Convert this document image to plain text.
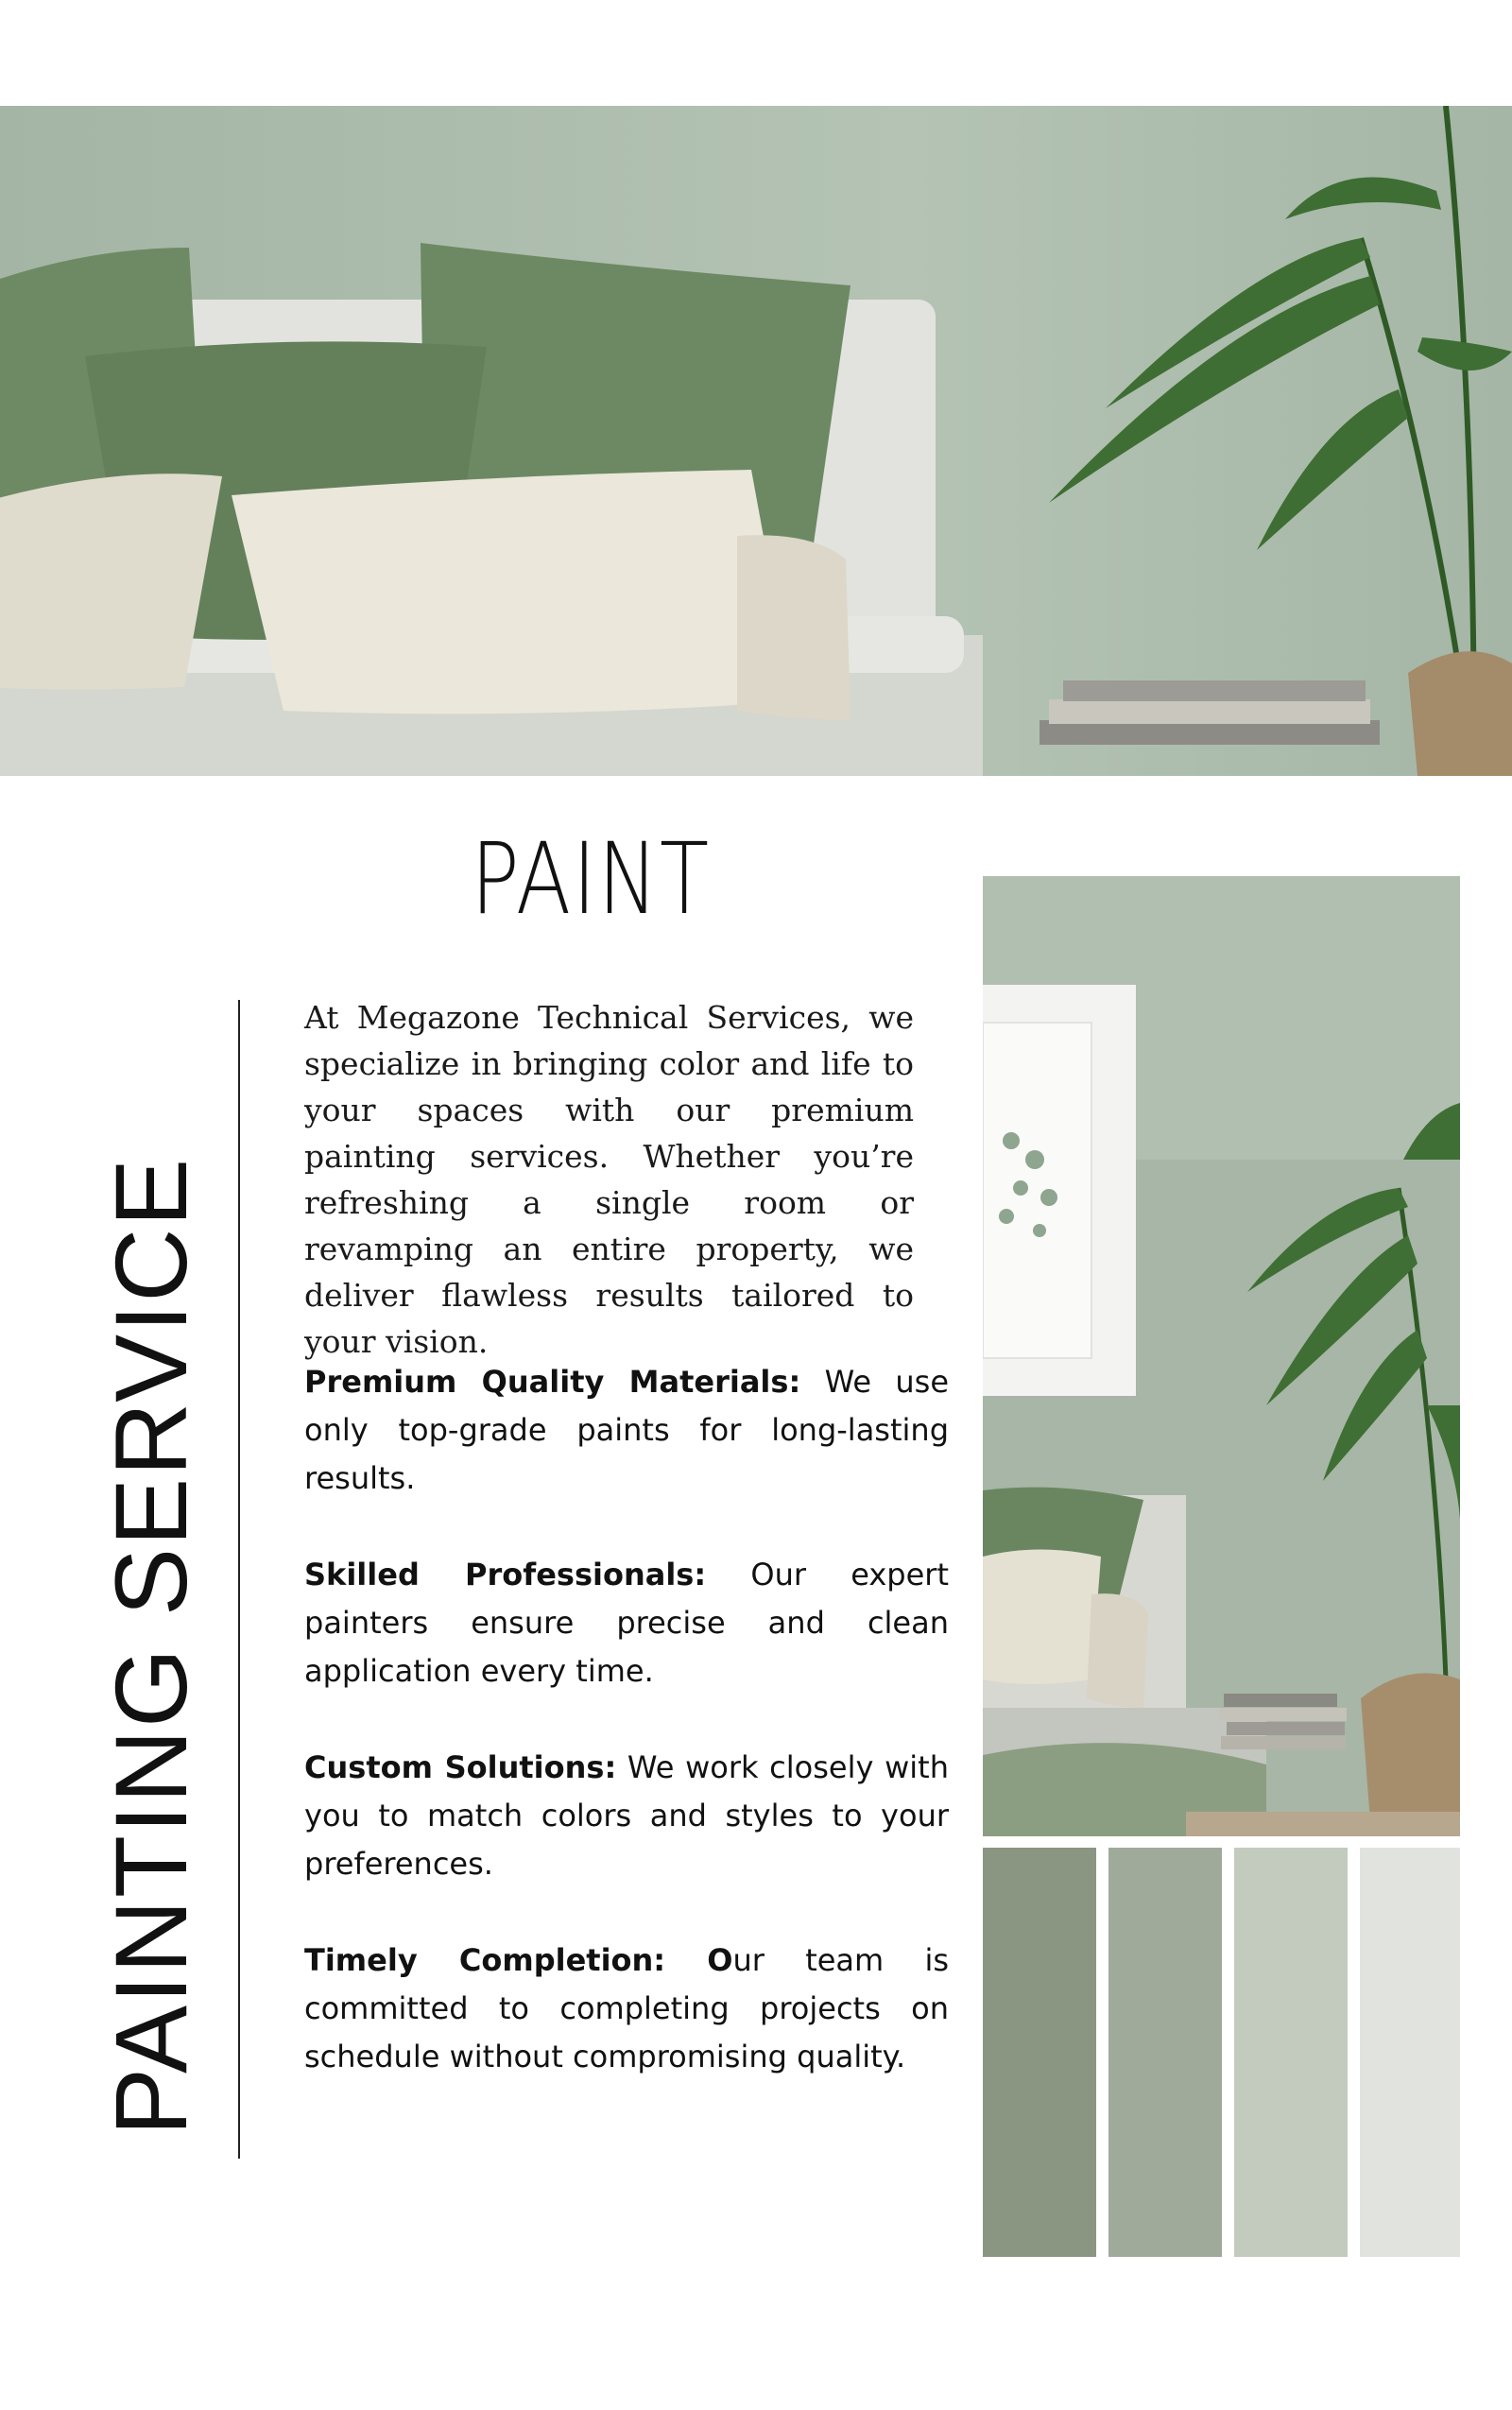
PAINT
PAINTING SERVICE
At Megazone Technical Services, we specialize in bringing color and life to your spaces with our premium painting services. Whether you’re refreshing a single room or revamping an entire property, we deliver flawless results tailored to your vision.
Premium Quality Materials: We use only top-grade paints for long-lasting results.
Skilled Professionals: Our expert painters ensure precise and clean application every time.
Custom Solutions: We work closely with you to match colors and styles to your preferences.
Timely Completion: Our team is committed to completing projects on schedule without compromising quality.
